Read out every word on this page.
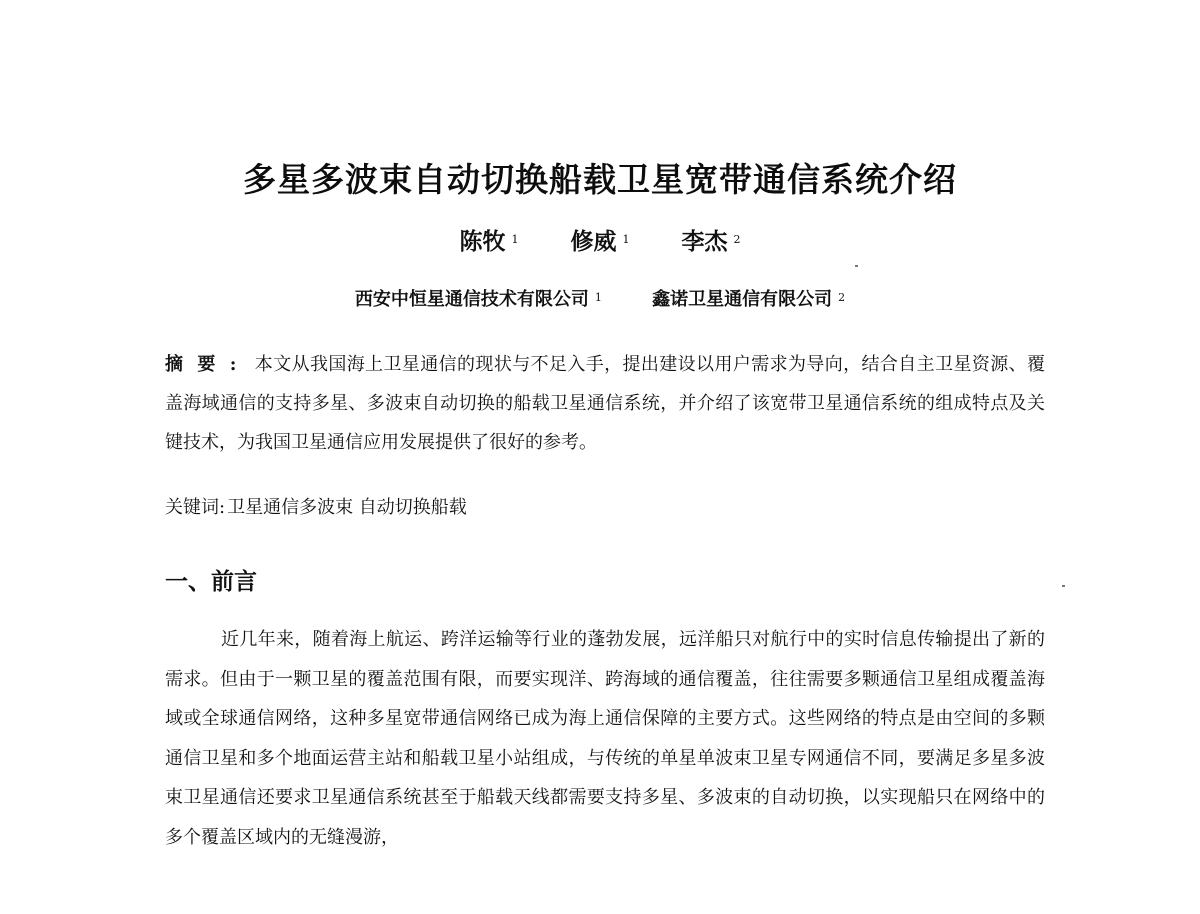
多星多波束自动切换船载卫星宽带通信系统介绍
陈牧 $^1$ 修威 $^1$ 李杰 $^2$
西安中恒星通信技术有限公司 $^1$	鑫诺卫星通信有限公司 $^2$
摘要: 本文从我国海上卫星通信的现状与不足入手，提出建设以用户需求为导向，结合自主卫星资源、覆盖海域通信的支持多星、多波束自动切换的船载卫星通信系统，并介绍了该宽带卫星通信系统的组成特点及关键技术，为我国卫星通信应用发展提供了很好的参考。
关键词: 卫星通信多波束 自动切换船载
一、前言
近几年来，随着海上航运、跨洋运输等行业的蓬勃发展，远洋船只对航行中的实时信息传输提出了新的需求。但由于一颗卫星的覆盖范围有限，而要实现洋、跨海域的通信覆盖，往往需要多颗通信卫星组成覆盖海域或全球通信网络，这种多星宽带通信网络已成为海上通信保障的主要方式。这些网络的特点是由空间的多颗通信卫星和多个地面运营主站和船载卫星小站组成，与传统的单星单波束卫星专网通信不同，要满足多星多波束卫星通信还要求卫星通信系统甚至于船载天线都需要支持多星、多波束的自动切换，以实现船只在网络中的多个覆盖区域内的无缝漫游，
